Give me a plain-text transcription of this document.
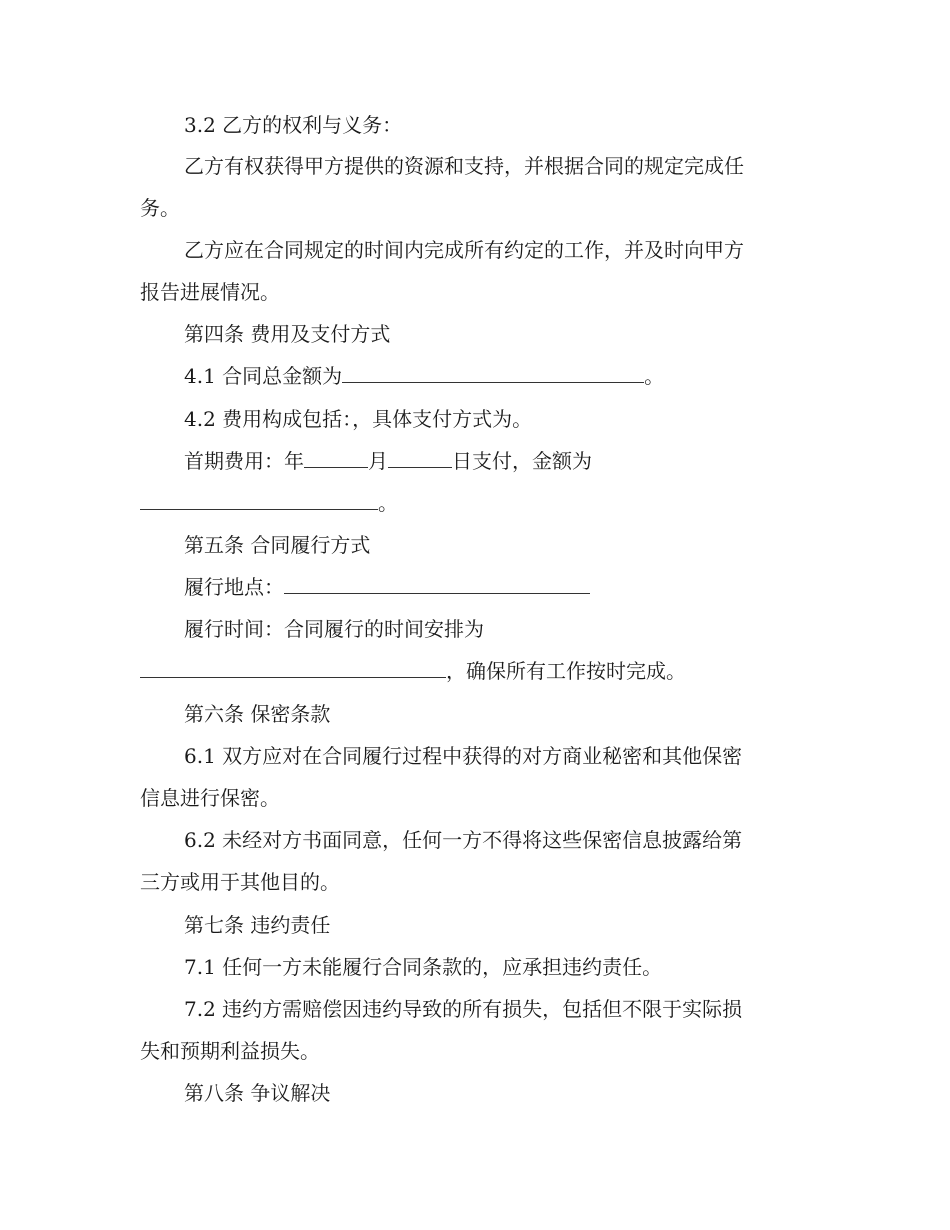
3.2 乙方的权利与义务：
乙方有权获得甲方提供的资源和支持，并根据合同的规定完成任
务。
乙方应在合同规定的时间内完成所有约定的工作，并及时向甲方
报告进展情况。
第四条 费用及支付方式
4.1 合同总金额为	。
4.2 费用构成包括：，具体支付方式为。
首期费用：年	月	日支付，金额为
。
第五条 合同履行方式
履行地点：
履行时间：合同履行的时间安排为
，确保所有工作按时完成。
第六条 保密条款
6.1 双方应对在合同履行过程中获得的对方商业秘密和其他保密
信息进行保密。
6.2 未经对方书面同意，任何一方不得将这些保密信息披露给第
三方或用于其他目的。
第七条 违约责任
7.1 任何一方未能履行合同条款的，应承担违约责任。
7.2 违约方需赔偿因违约导致的所有损失，包括但不限于实际损
失和预期利益损失。
第八条 争议解决
